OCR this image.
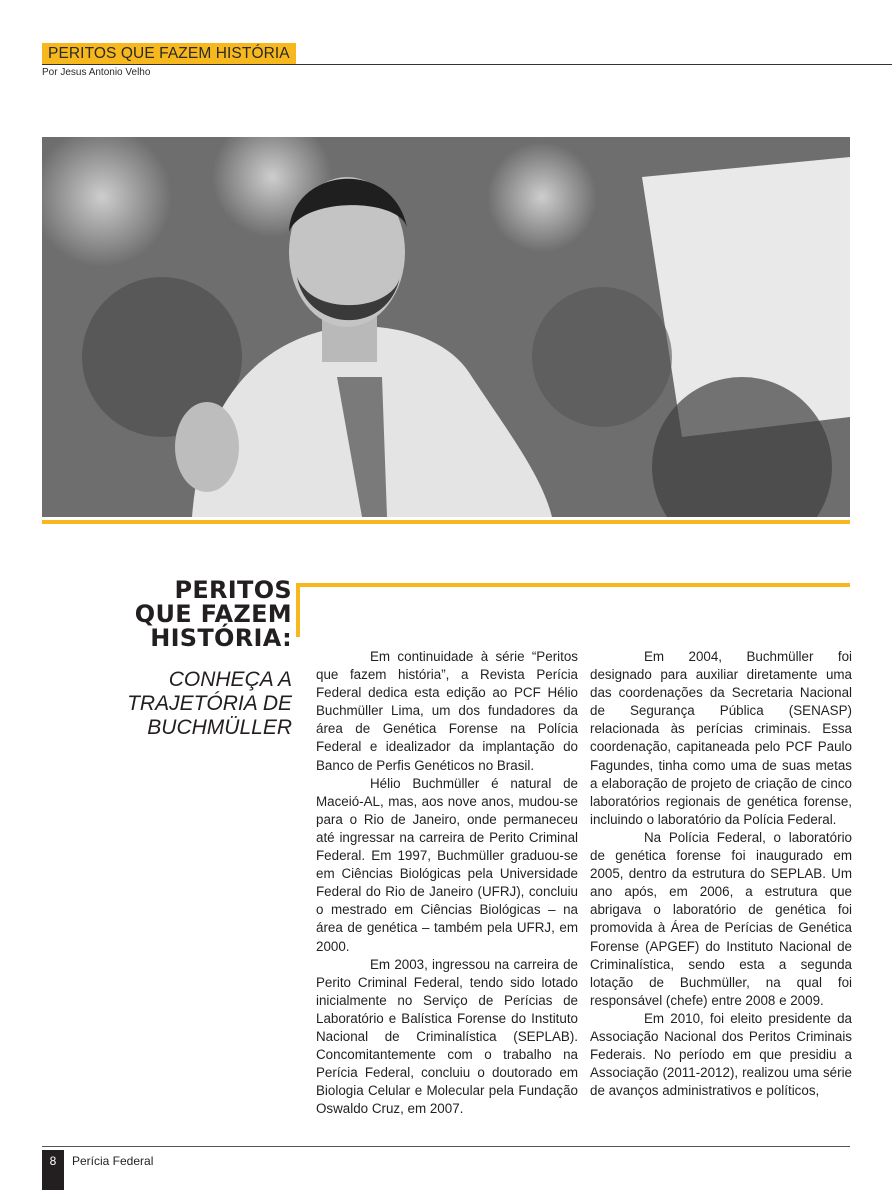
PERITOS QUE FAZEM HISTÓRIA
Por Jesus Antonio Velho
PERITOS
QUE FAZEM
HISTÓRIA:
CONHEÇA A
TRAJETÓRIA DE
BUCHMÜLLER

Em continuidade à série “Peritos que fazem história”, a Revista Perícia Federal dedica esta edição ao PCF Hélio Buchmüller Lima, um dos fundadores da área de Genética Forense na Polícia Federal e idealizador da implantação do Banco de Perfis Genéticos no Brasil.

Hélio Buchmüller é natural de Maceió-AL, mas, aos nove anos, mudou-se para o Rio de Janeiro, onde permaneceu até ingressar na carreira de Perito Criminal Federal. Em 1997, Buchmüller graduou-se em Ciências Biológicas pela Universidade Federal do Rio de Janeiro (UFRJ), concluiu o mestrado em Ciências Biológicas – na área de genética – também pela UFRJ, em 2000.

Em 2003, ingressou na carreira de Perito Criminal Federal, tendo sido lotado inicialmente no Serviço de Perícias de Laboratório e Balística Forense do Instituto Nacional de Criminalística (SEPLAB). Concomitantemente com o trabalho na Perícia Federal, concluiu o doutorado em Biologia Celular e Molecular pela Fundação Oswaldo Cruz, em 2007.

Em 2004, Buchmüller foi designado para auxiliar diretamente uma das coordenações da Secretaria Nacional de Segurança Pública (SENASP) relacionada às perícias criminais. Essa coordenação, capitaneada pelo PCF Paulo Fagundes, tinha como uma de suas metas a elaboração de projeto de criação de cinco laboratórios regionais de genética forense, incluindo o laboratório da Polícia Federal.

Na Polícia Federal, o laboratório de genética forense foi inaugurado em 2005, dentro da estrutura do SEPLAB. Um ano após, em 2006, a estrutura que abrigava o laboratório de genética foi promovida à Área de Perícias de Genética Forense (APGEF) do Instituto Nacional de Criminalística, sendo esta a segunda lotação de Buchmüller, na qual foi responsável (chefe) entre 2008 e 2009.

Em 2010, foi eleito presidente da Associação Nacional dos Peritos Criminais Federais. No período em que presidiu a Associação (2011-2012), realizou uma série de avanços administrativos e políticos,

8	Perícia Federal
